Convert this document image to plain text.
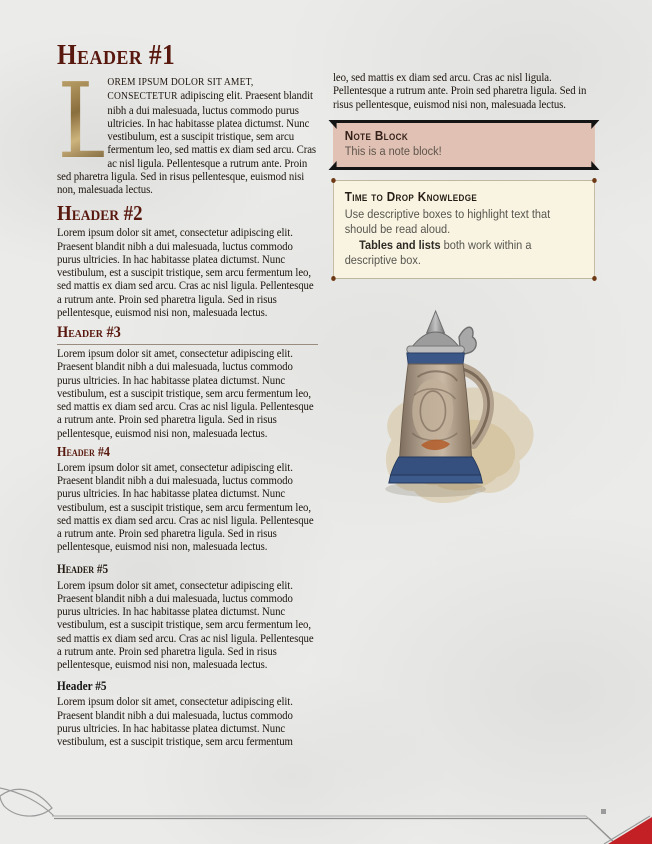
Header #1

L
OREM IPSUM DOLOR SIT AMET, CONSECTETUR adipiscing elit. Praesent blandit nibh a dui malesuada, luctus commodo purus ultricies. In hac habitasse platea dictumst. Nunc vestibulum, est a suscipit tristique, sem arcu fermentum leo, sed mattis ex diam sed arcu. Cras ac nisl ligula. Pellentesque a rutrum ante. Proin sed pharetra ligula. Sed in risus pellentesque, euismod nisi non, malesuada lectus.

Header #2

Lorem ipsum dolor sit amet, consectetur adipiscing elit. Praesent blandit nibh a dui malesuada, luctus commodo purus ultricies. In hac habitasse platea dictumst. Nunc vestibulum, est a suscipit tristique, sem arcu fermentum leo, sed mattis ex diam sed arcu. Cras ac nisl ligula. Pellentesque a rutrum ante. Proin sed pharetra ligula. Sed in risus pellentesque, euismod nisi non, malesuada lectus.

Header #3

Lorem ipsum dolor sit amet, consectetur adipiscing elit. Praesent blandit nibh a dui malesuada, luctus commodo purus ultricies. In hac habitasse platea dictumst. Nunc vestibulum, est a suscipit tristique, sem arcu fermentum leo, sed mattis ex diam sed arcu. Cras ac nisl ligula. Pellentesque a rutrum ante. Proin sed pharetra ligula. Sed in risus pellentesque, euismod nisi non, malesuada lectus.

Header #4

Lorem ipsum dolor sit amet, consectetur adipiscing elit. Praesent blandit nibh a dui malesuada, luctus commodo purus ultricies. In hac habitasse platea dictumst. Nunc vestibulum, est a suscipit tristique, sem arcu fermentum leo, sed mattis ex diam sed arcu. Cras ac nisl ligula. Pellentesque a rutrum ante. Proin sed pharetra ligula. Sed in risus pellentesque, euismod nisi non, malesuada lectus.

Header #5

Lorem ipsum dolor sit amet, consectetur adipiscing elit. Praesent blandit nibh a dui malesuada, luctus commodo purus ultricies. In hac habitasse platea dictumst. Nunc vestibulum, est a suscipit tristique, sem arcu fermentum leo, sed mattis ex diam sed arcu. Cras ac nisl ligula. Pellentesque a rutrum ante. Proin sed pharetra ligula. Sed in risus pellentesque, euismod nisi non, malesuada lectus.

Header #5

Lorem ipsum dolor sit amet, consectetur adipiscing elit. Praesent blandit nibh a dui malesuada, luctus commodo purus ultricies. In hac habitasse platea dictumst. Nunc vestibulum, est a suscipit tristique, sem arcu fermentum

leo, sed mattis ex diam sed arcu. Cras ac nisl ligula. Pellentesque a rutrum ante. Proin sed pharetra ligula. Sed in risus pellentesque, euismod nisi non, malesuada lectus.

Note Block

This is a note block!

Time to Drop Knowledge

Use descriptive boxes to highlight text that should be read aloud.

Tables and lists both work within a descriptive box.
